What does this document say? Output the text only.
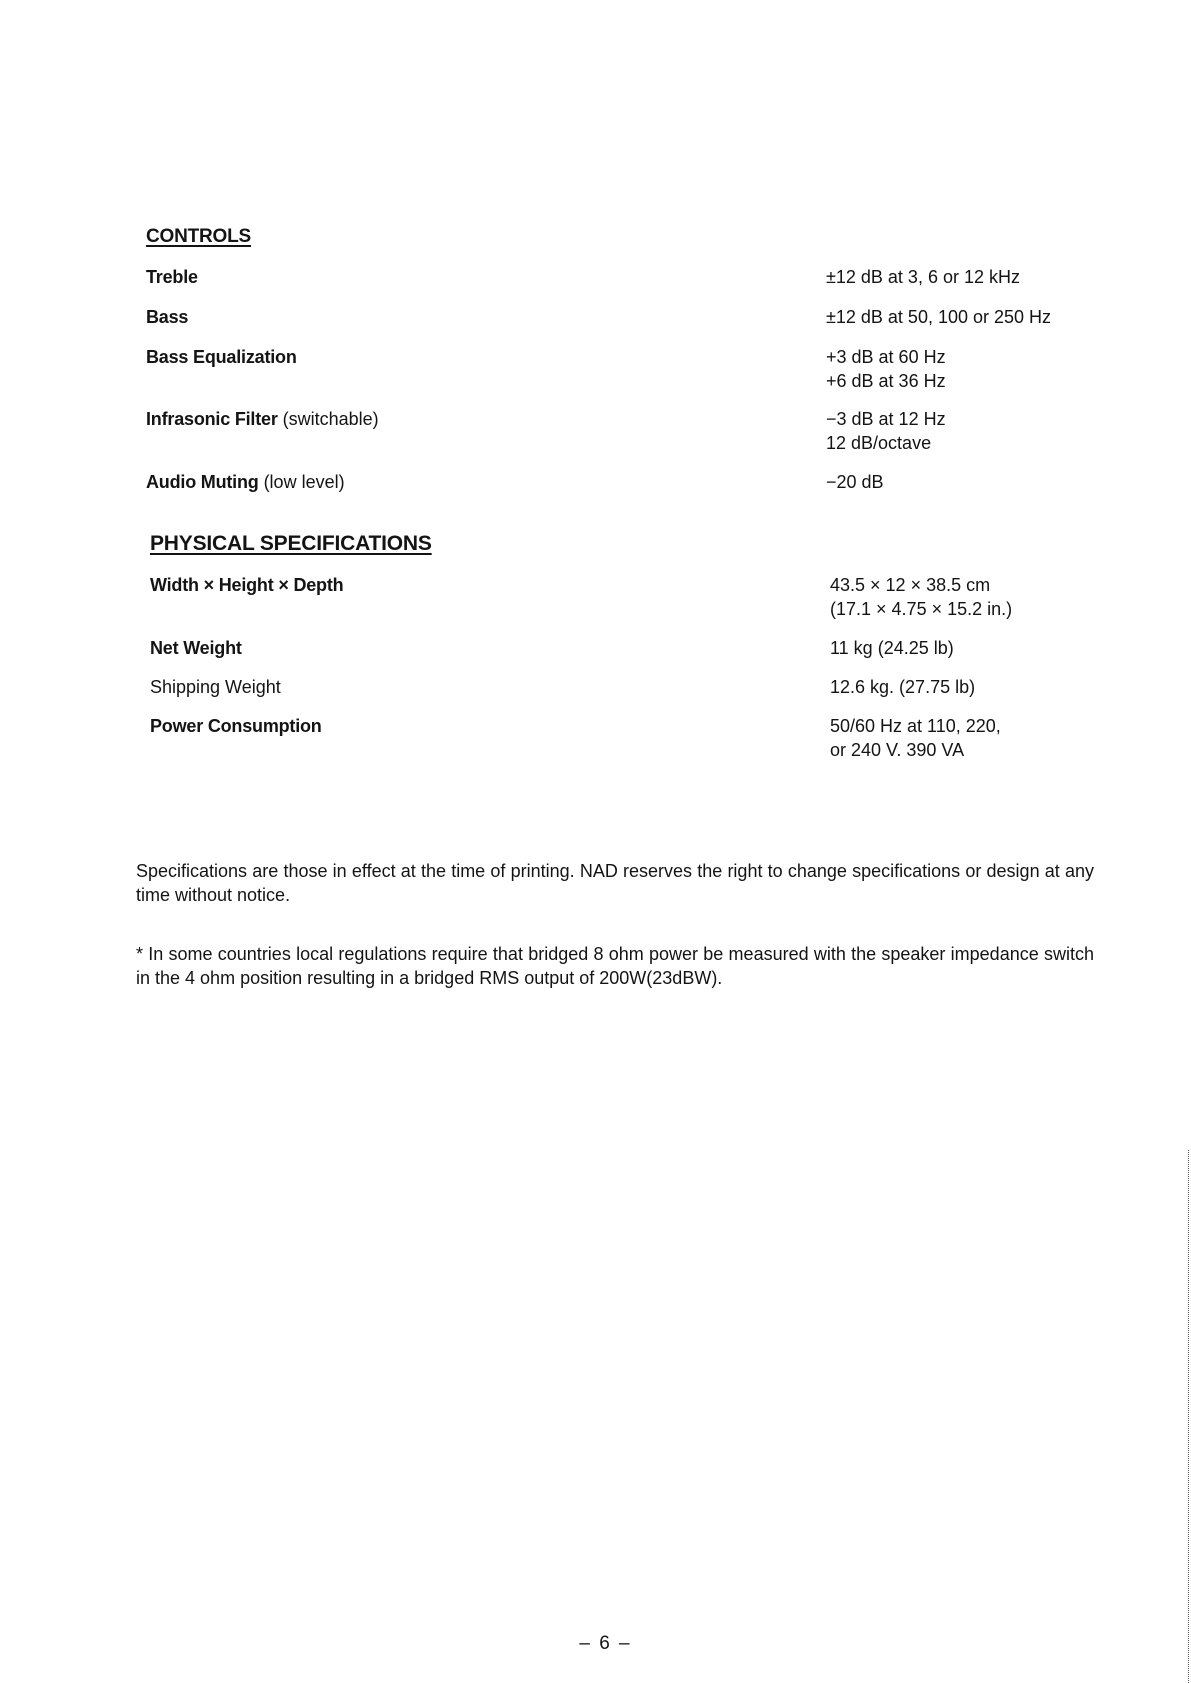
CONTROLS
Treble	±12 dB at 3, 6 or 12 kHz
Bass	±12 dB at 50, 100 or 250 Hz
Bass Equalization	+3 dB at 60 Hz
+6 dB at 36 Hz
Infrasonic Filter (switchable)	−3 dB at 12 Hz
12 dB/octave
Audio Muting (low level)	−20 dB
PHYSICAL SPECIFICATIONS
Width × Height × Depth	43.5 × 12 × 38.5 cm
(17.1 × 4.75 × 15.2 in.)
Net Weight	11 kg (24.25 lb)
Shipping Weight	12.6 kg. (27.75 lb)
Power Consumption	50/60 Hz at 110, 220,
or 240 V. 390 VA
Specifications are those in effect at the time of printing. NAD reserves the right to change specifications or design at any time without notice.
* In some countries local regulations require that bridged 8 ohm power be measured with the speaker impedance switch in the 4 ohm position resulting in a bridged RMS output of 200W(23dBW).
– 6 –
